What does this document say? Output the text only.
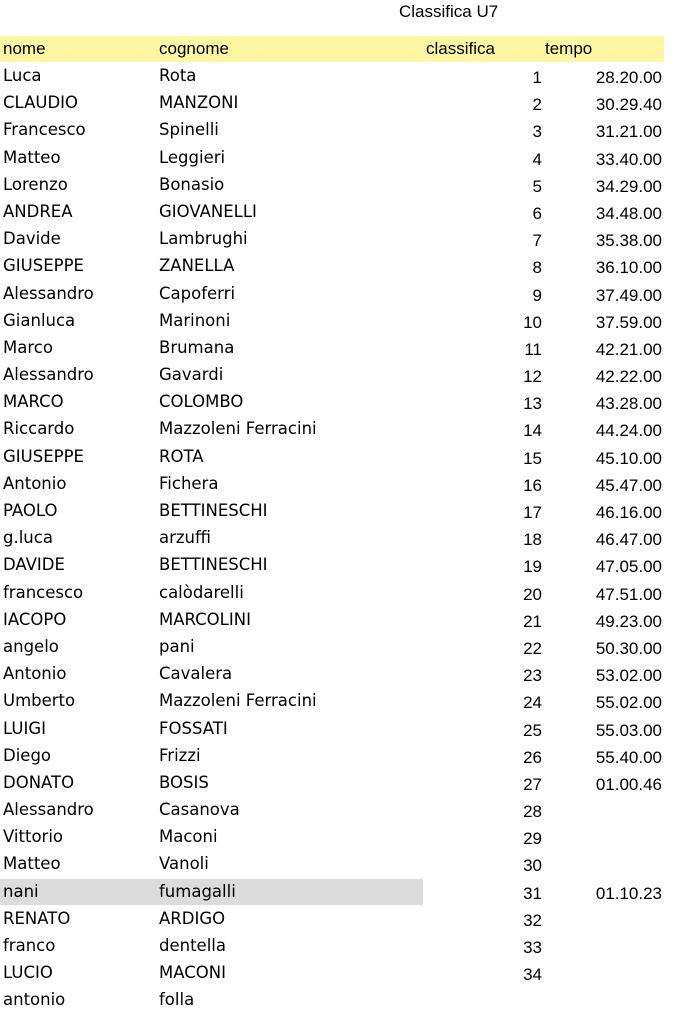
Classifica U7
nome	cognome	classifica	tempo
Luca	Rota	1	28.20.00
CLAUDIO	MANZONI	2	30.29.40
Francesco	Spinelli	3	31.21.00
Matteo	Leggieri	4	33.40.00
Lorenzo	Bonasio	5	34.29.00
ANDREA	GIOVANELLI	6	34.48.00
Davide	Lambrughi	7	35.38.00
GIUSEPPE	ZANELLA	8	36.10.00
Alessandro	Capoferri	9	37.49.00
Gianluca	Marinoni	10	37.59.00
Marco	Brumana	11	42.21.00
Alessandro	Gavardi	12	42.22.00
MARCO	COLOMBO	13	43.28.00
Riccardo	Mazzoleni Ferracini	14	44.24.00
GIUSEPPE	ROTA	15	45.10.00
Antonio	Fichera	16	45.47.00
PAOLO	BETTINESCHI	17	46.16.00
g.luca	arzuffi	18	46.47.00
DAVIDE	BETTINESCHI	19	47.05.00
francesco	calòdarelli	20	47.51.00
IACOPO	MARCOLINI	21	49.23.00
angelo	pani	22	50.30.00
Antonio	Cavalera	23	53.02.00
Umberto	Mazzoleni Ferracini	24	55.02.00
LUIGI	FOSSATI	25	55.03.00
Diego	Frizzi	26	55.40.00
DONATO	BOSIS	27	01.00.46
Alessandro	Casanova	28
Vittorio	Maconi	29
Matteo	Vanoli	30
nani	fumagalli	31	01.10.23
RENATO	ARDIGO	32
franco	dentella	33
LUCIO	MACONI	34
antonio	folla
